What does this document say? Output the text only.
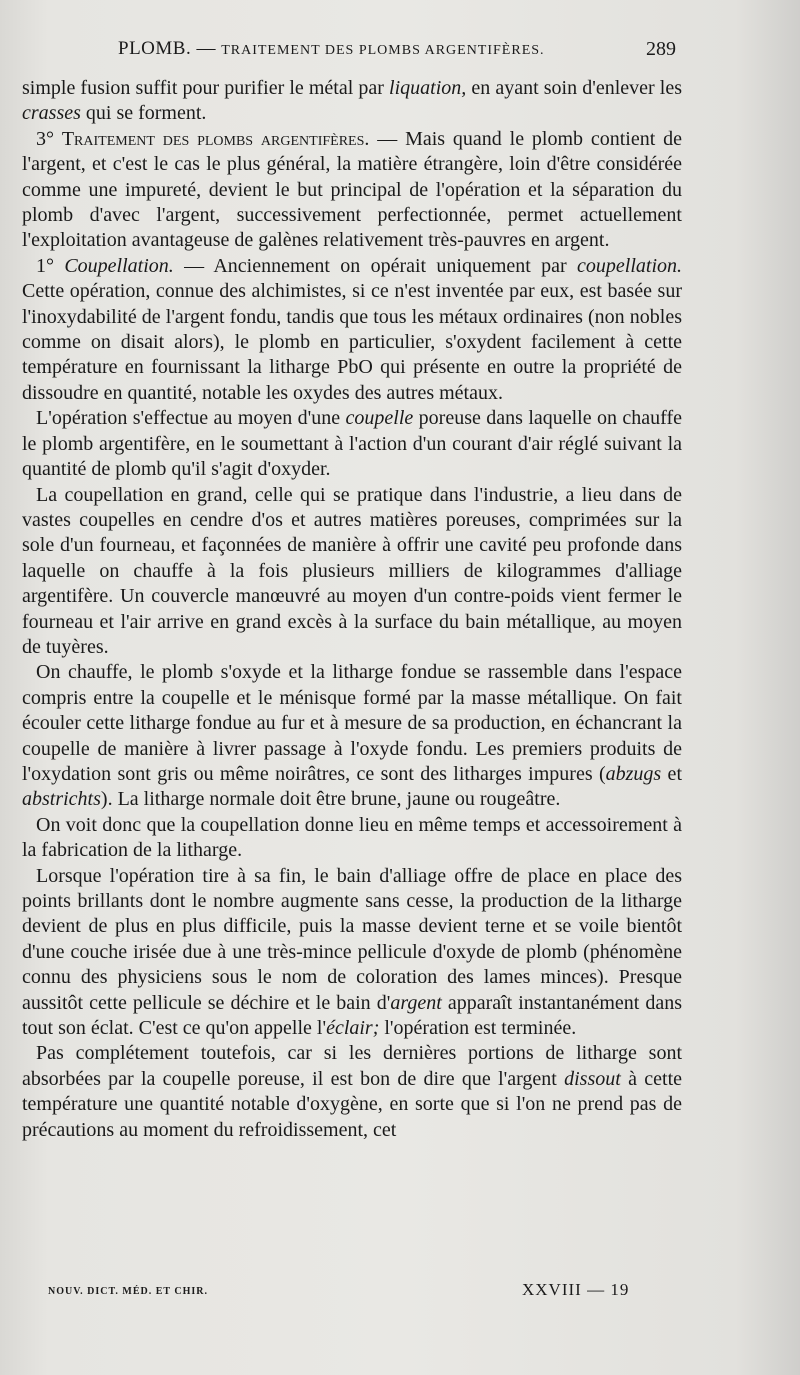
PLOMB. — TRAITEMENT DES PLOMBS ARGENTIFÈRES.	289

simple fusion suffit pour purifier le métal par liquation, en ayant soin d'enlever les crasses qui se forment.

3° Traitement des plombs argentifères. — Mais quand le plomb contient de l'argent, et c'est le cas le plus général, la matière étrangère, loin d'être considérée comme une impureté, devient le but principal de l'opération et la séparation du plomb d'avec l'argent, successivement perfectionnée, permet actuellement l'exploitation avantageuse de galènes relativement très-pauvres en argent.

1° Coupellation. — Anciennement on opérait uniquement par coupellation. Cette opération, connue des alchimistes, si ce n'est inventée par eux, est basée sur l'inoxydabilité de l'argent fondu, tandis que tous les métaux ordinaires (non nobles comme on disait alors), le plomb en particulier, s'oxydent facilement à cette température en fournissant la litharge PbO qui présente en outre la propriété de dissoudre en quantité, notable les oxydes des autres métaux.

L'opération s'effectue au moyen d'une coupelle poreuse dans laquelle on chauffe le plomb argentifère, en le soumettant à l'action d'un courant d'air réglé suivant la quantité de plomb qu'il s'agit d'oxyder.

La coupellation en grand, celle qui se pratique dans l'industrie, a lieu dans de vastes coupelles en cendre d'os et autres matières poreuses, comprimées sur la sole d'un fourneau, et façonnées de manière à offrir une cavité peu profonde dans laquelle on chauffe à la fois plusieurs milliers de kilogrammes d'alliage argentifère. Un couvercle manœuvré au moyen d'un contre-poids vient fermer le fourneau et l'air arrive en grand excès à la surface du bain métallique, au moyen de tuyères.

On chauffe, le plomb s'oxyde et la litharge fondue se rassemble dans l'espace compris entre la coupelle et le ménisque formé par la masse métallique. On fait écouler cette litharge fondue au fur et à mesure de sa production, en échancrant la coupelle de manière à livrer passage à l'oxyde fondu. Les premiers produits de l'oxydation sont gris ou même noirâtres, ce sont des litharges impures (abzugs et abstrichts). La litharge normale doit être brune, jaune ou rougeâtre.

On voit donc que la coupellation donne lieu en même temps et accessoirement à la fabrication de la litharge.

Lorsque l'opération tire à sa fin, le bain d'alliage offre de place en place des points brillants dont le nombre augmente sans cesse, la production de la litharge devient de plus en plus difficile, puis la masse devient terne et se voile bientôt d'une couche irisée due à une très-mince pellicule d'oxyde de plomb (phénomène connu des physiciens sous le nom de coloration des lames minces). Presque aussitôt cette pellicule se déchire et le bain d'argent apparaît instantanément dans tout son éclat. C'est ce qu'on appelle l'éclair; l'opération est terminée.

Pas complétement toutefois, car si les dernières portions de litharge sont absorbées par la coupelle poreuse, il est bon de dire que l'argent dissout à cette température une quantité notable d'oxygène, en sorte que si l'on ne prend pas de précautions au moment du refroidissement, cet

NOUV. DICT. MÉD. ET CHIR.	XXVIII — 19
